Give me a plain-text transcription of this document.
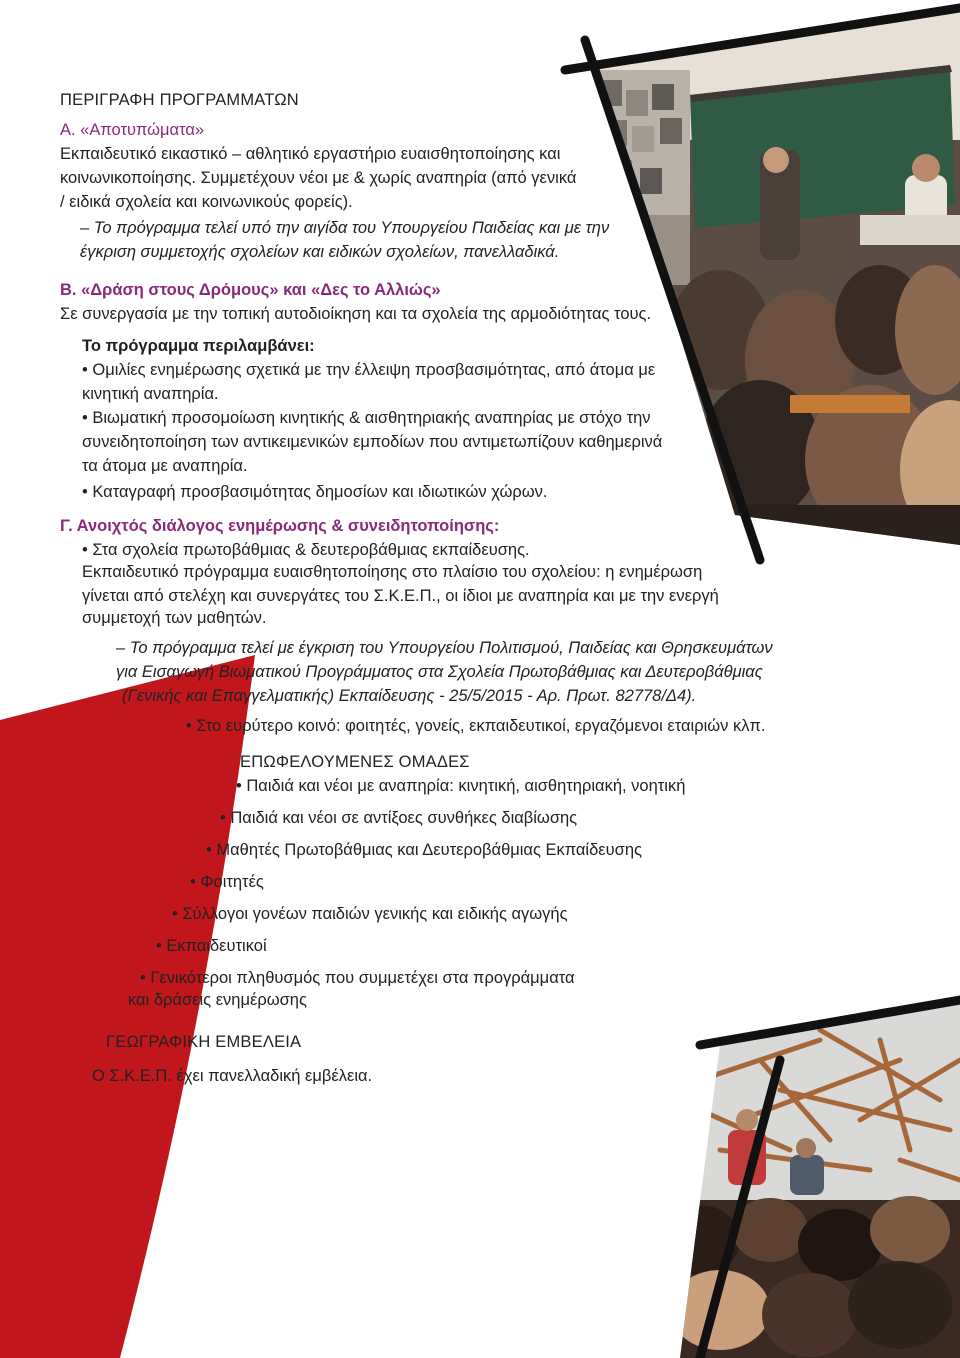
ΠΕΡΙΓΡΑΦΗ ΠΡΟΓΡΑΜΜΑΤΩΝ
Α. «Αποτυπώματα»
Εκπαιδευτικό εικαστικό – αθλητικό εργαστήριο ευαισθητοποίησης και
κοινωνικοποίησης. Συμμετέχουν νέοι με & χωρίς αναπηρία (από γενικά
/ ειδικά σχολεία και κοινωνικούς φορείς).
– Το πρόγραμμα τελεί υπό την αιγίδα του Υπουργείου Παιδείας και με την
έγκριση συμμετοχής σχολείων και ειδικών σχολείων, πανελλαδικά.
Β. «Δράση στους Δρόμους» και «Δες το Αλλιώς»
Σε συνεργασία με την τοπική αυτοδιοίκηση και τα σχολεία της αρμοδιότητας τους.
Το πρόγραμμα περιλαμβάνει:
• Ομιλίες ενημέρωσης σχετικά με την έλλειψη προσβασιμότητας, από άτομα με
κινητική αναπηρία.
• Βιωματική προσομοίωση κινητικής & αισθητηριακής αναπηρίας με στόχο την
συνειδητοποίηση των αντικειμενικών εμποδίων που αντιμετωπίζουν καθημερινά
τα άτομα με αναπηρία.
• Καταγραφή προσβασιμότητας δημοσίων και ιδιωτικών χώρων.
Γ. Ανοιχτός διάλογος ενημέρωσης & συνειδητοποίησης:
• Στα σχολεία πρωτοβάθμιας & δευτεροβάθμιας εκπαίδευσης.
Εκπαιδευτικό πρόγραμμα ευαισθητοποίησης στο πλαίσιο του σχολείου: η ενημέρωση
γίνεται από στελέχη και συνεργάτες του Σ.Κ.Ε.Π., οι ίδιοι με αναπηρία και με την ενεργή
συμμετοχή των μαθητών.
– Το πρόγραμμα τελεί με έγκριση του Υπουργείου Πολιτισμού, Παιδείας και Θρησκευμάτων
για Εισαγωγή Βιωματικού Προγράμματος στα Σχολεία Πρωτοβάθμιας και Δευτεροβάθμιας
(Γενικής και Επαγγελματικής) Εκπαίδευσης - 25/5/2015 - Αρ. Πρωτ. 82778/Δ4).
• Στο ευρύτερο κοινό: φοιτητές, γονείς, εκπαιδευτικοί, εργαζόμενοι εταιριών κλπ.
ΕΠΩΦΕΛΟΥΜΕΝΕΣ ΟΜΑΔΕΣ
• Παιδιά και νέοι με αναπηρία: κινητική, αισθητηριακή, νοητική
• Παιδιά και νέοι σε αντίξοες συνθήκες διαβίωσης
• Μαθητές Πρωτοβάθμιας και Δευτεροβάθμιας Εκπαίδευσης
• Φοιτητές
• Σύλλογοι γονέων παιδιών γενικής και ειδικής αγωγής
• Εκπαιδευτικοί
• Γενικότεροι πληθυσμός που συμμετέχει στα προγράμματα
και δράσεις ενημέρωσης
ΓΕΩΓΡΑΦΙΚΗ ΕΜΒΕΛΕΙΑ
Ο Σ.Κ.Ε.Π. έχει πανελλαδική εμβέλεια.
